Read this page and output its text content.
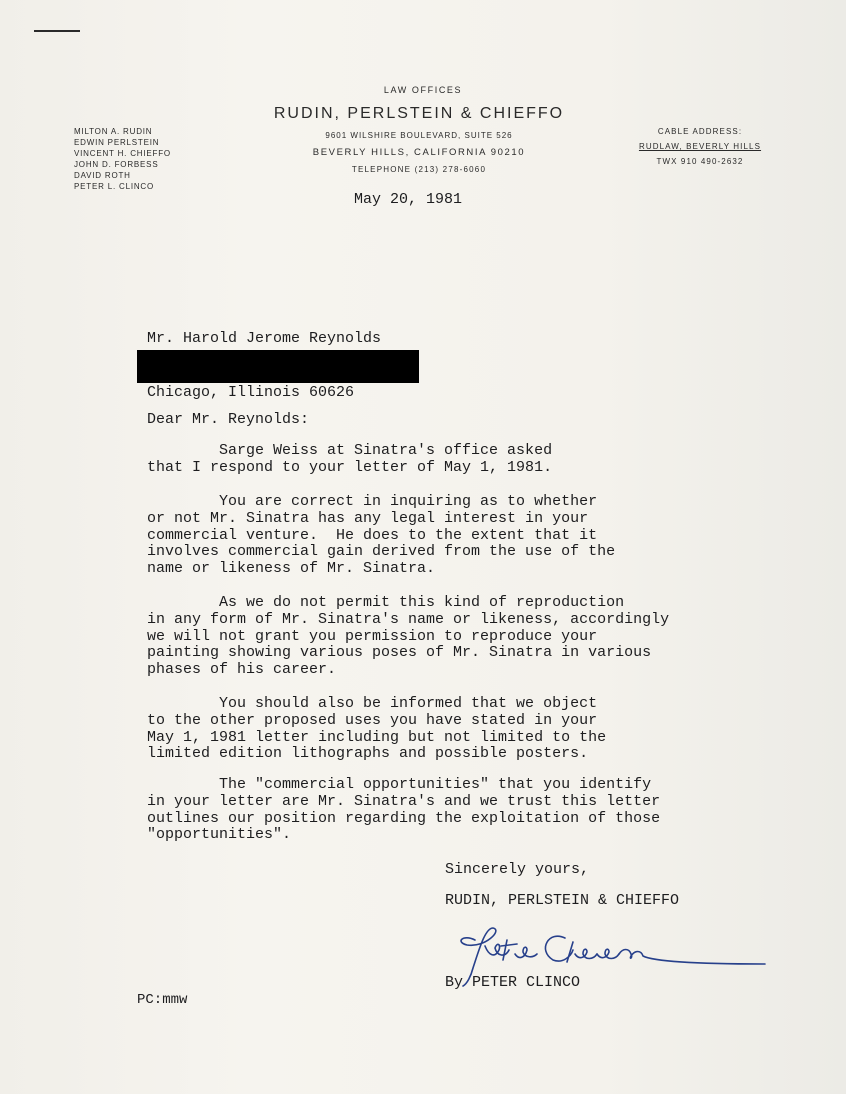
LAW OFFICES
RUDIN, PERLSTEIN & CHIEFFO
9601 WILSHIRE BOULEVARD, SUITE 526
BEVERLY HILLS, CALIFORNIA 90210
TELEPHONE (213) 278-6060
MILTON A. RUDIN
EDWIN PERLSTEIN
VINCENT H. CHIEFFO
JOHN D. FORBESS
DAVID ROTH
PETER L. CLINCO
CABLE ADDRESS:
RUDLAW, BEVERLY HILLS
TWX 910 490-2632
May 20, 1981
Mr. Harold Jerome Reynolds
Chicago, Illinois 60626
Dear Mr. Reynolds:
Sarge Weiss at Sinatra's office asked
that I respond to your letter of May 1, 1981.
You are correct in inquiring as to whether
or not Mr. Sinatra has any legal interest in your
commercial venture.  He does to the extent that it
involves commercial gain derived from the use of the
name or likeness of Mr. Sinatra.
As we do not permit this kind of reproduction
in any form of Mr. Sinatra's name or likeness, accordingly
we will not grant you permission to reproduce your
painting showing various poses of Mr. Sinatra in various
phases of his career.
You should also be informed that we object
to the other proposed uses you have stated in your
May 1, 1981 letter including but not limited to the
limited edition lithographs and possible posters.
The "commercial opportunities" that you identify
in your letter are Mr. Sinatra's and we trust this letter
outlines our position regarding the exploitation of those
"opportunities".
Sincerely yours,
RUDIN, PERLSTEIN & CHIEFFO
By PETER CLINCO
PC:mmw
